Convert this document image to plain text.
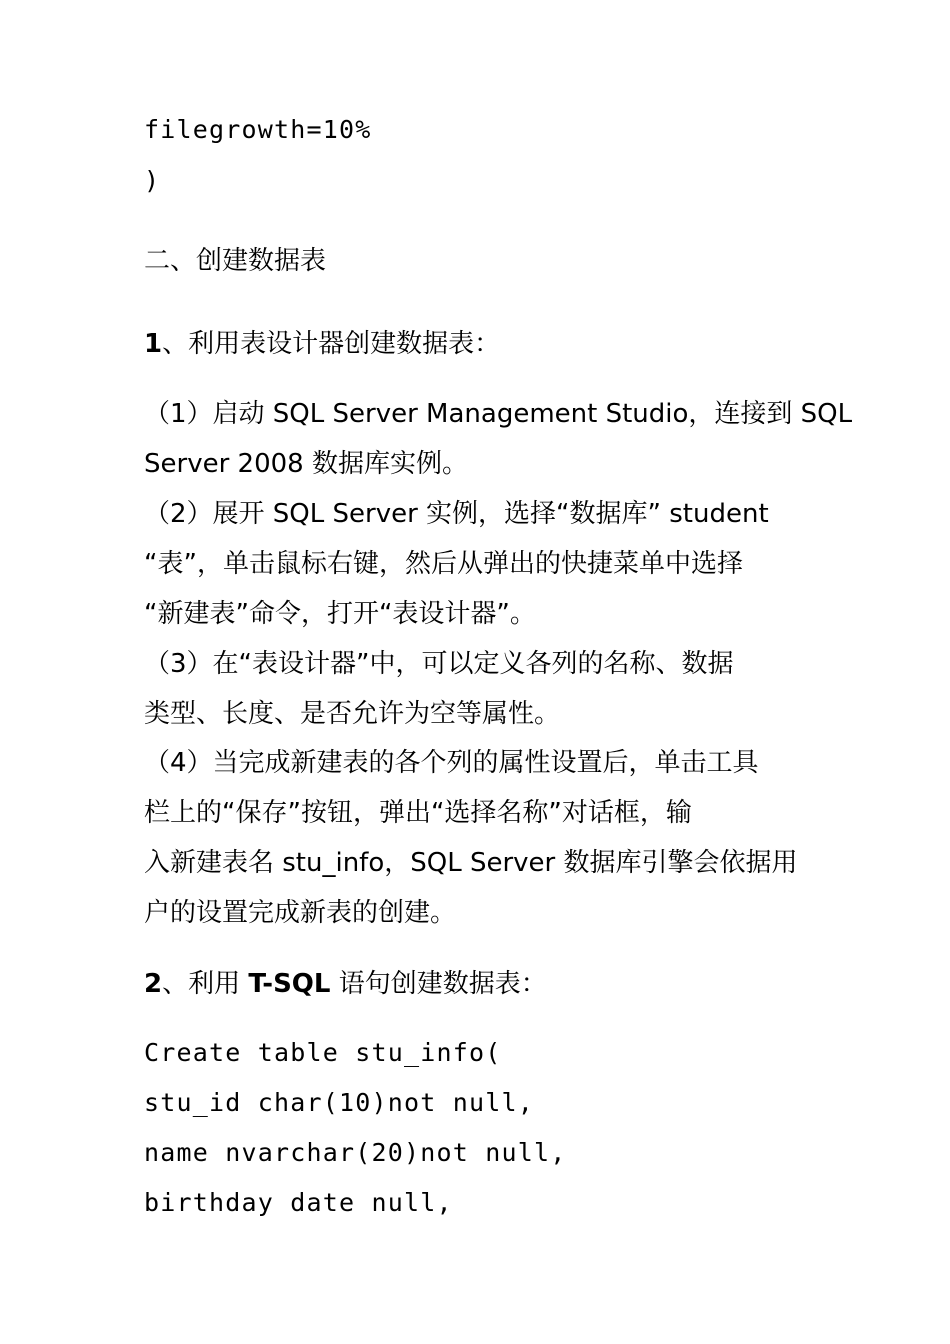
filegrowth=10%
)
二、创建数据表
1、利用表设计器创建数据表：
（1）启动 SQL Server Management Studio，连接到 SQL
Server 2008 数据库实例。
（2）展开 SQL Server 实例，选择“数据库” student
“表”，单击鼠标右键，然后从弹出的快捷菜单中选择
“新建表”命令，打开“表设计器”。
（3）在“表设计器”中，可以定义各列的名称、数据
类型、长度、是否允许为空等属性。
（4）当完成新建表的各个列的属性设置后，单击工具
栏上的“保存”按钮，弹出“选择名称”对话框，输
入新建表名 stu_info，SQL Server 数据库引擎会依据用
户的设置完成新表的创建。
2、利用 T-SQL 语句创建数据表：
Create table stu_info(
stu_id char(10)not null,
name nvarchar(20)not null,
birthday date null,
